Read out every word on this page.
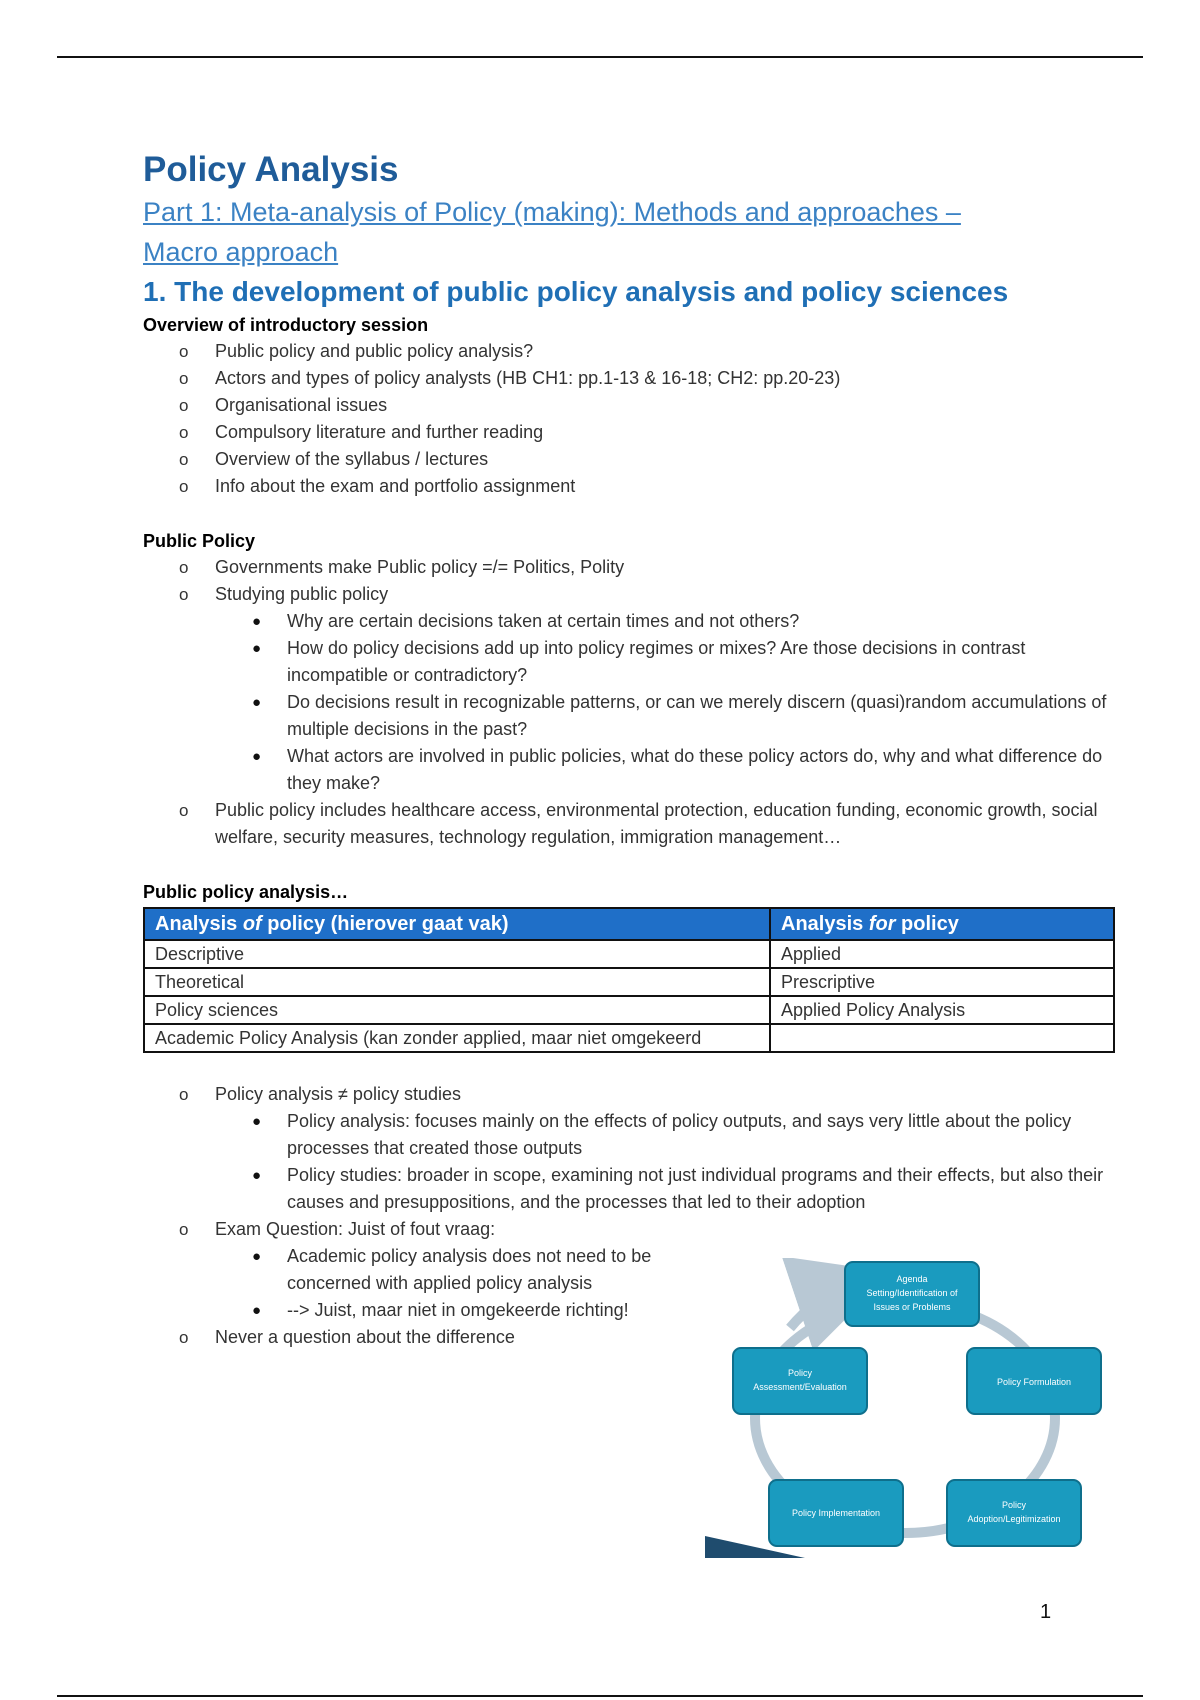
Policy Analysis
Part 1: Meta-analysis of Policy (making): Methods and approaches –
Macro approach
1. The development of public policy analysis and policy sciences

Overview of introductory session

o Public policy and public policy analysis?
o Actors and types of policy analysts (HB CH1: pp.1-13 & 16-18; CH2: pp.20-23)
o Organisational issues
o Compulsory literature and further reading
o Overview of the syllabus / lectures
o Info about the exam and portfolio assignment

Public Policy

o Governments make Public policy =/= Politics, Polity
o Studying public policy
● Why are certain decisions taken at certain times and not others?
● How do policy decisions add up into policy regimes or mixes? Are those decisions in contrast incompatible or contradictory?
● Do decisions result in recognizable patterns, or can we merely discern (quasi)random accumulations of multiple decisions in the past?
● What actors are involved in public policies, what do these policy actors do, why and what difference do they make?
o Public policy includes healthcare access, environmental protection, education funding, economic growth, social welfare, security measures, technology regulation, immigration management…

Public policy analysis…

Analysis of policy (hierover gaat vak)	Analysis for policy
Descriptive	Applied
Theoretical	Prescriptive
Policy sciences	Applied Policy Analysis
Academic Policy Analysis (kan zonder applied, maar niet omgekeerd	
o Policy analysis ≠ policy studies
● Policy analysis: focuses mainly on the effects of policy outputs, and says very little about the policy processes that created those outputs
● Policy studies: broader in scope, examining not just individual programs and their effects, but also their causes and presuppositions, and the processes that led to their adoption
o Exam Question: Juist of fout vraag:
● Academic policy analysis does not need to be concerned with applied policy analysis
● --> Juist, maar niet in omgekeerde richting!
o Never a question about the difference
Agenda
Setting/Identification of
Issues or Problems
Policy Formulation
Policy
Adoption/Legitimization
Policy Implementation
Policy
Assessment/Evaluation
1
